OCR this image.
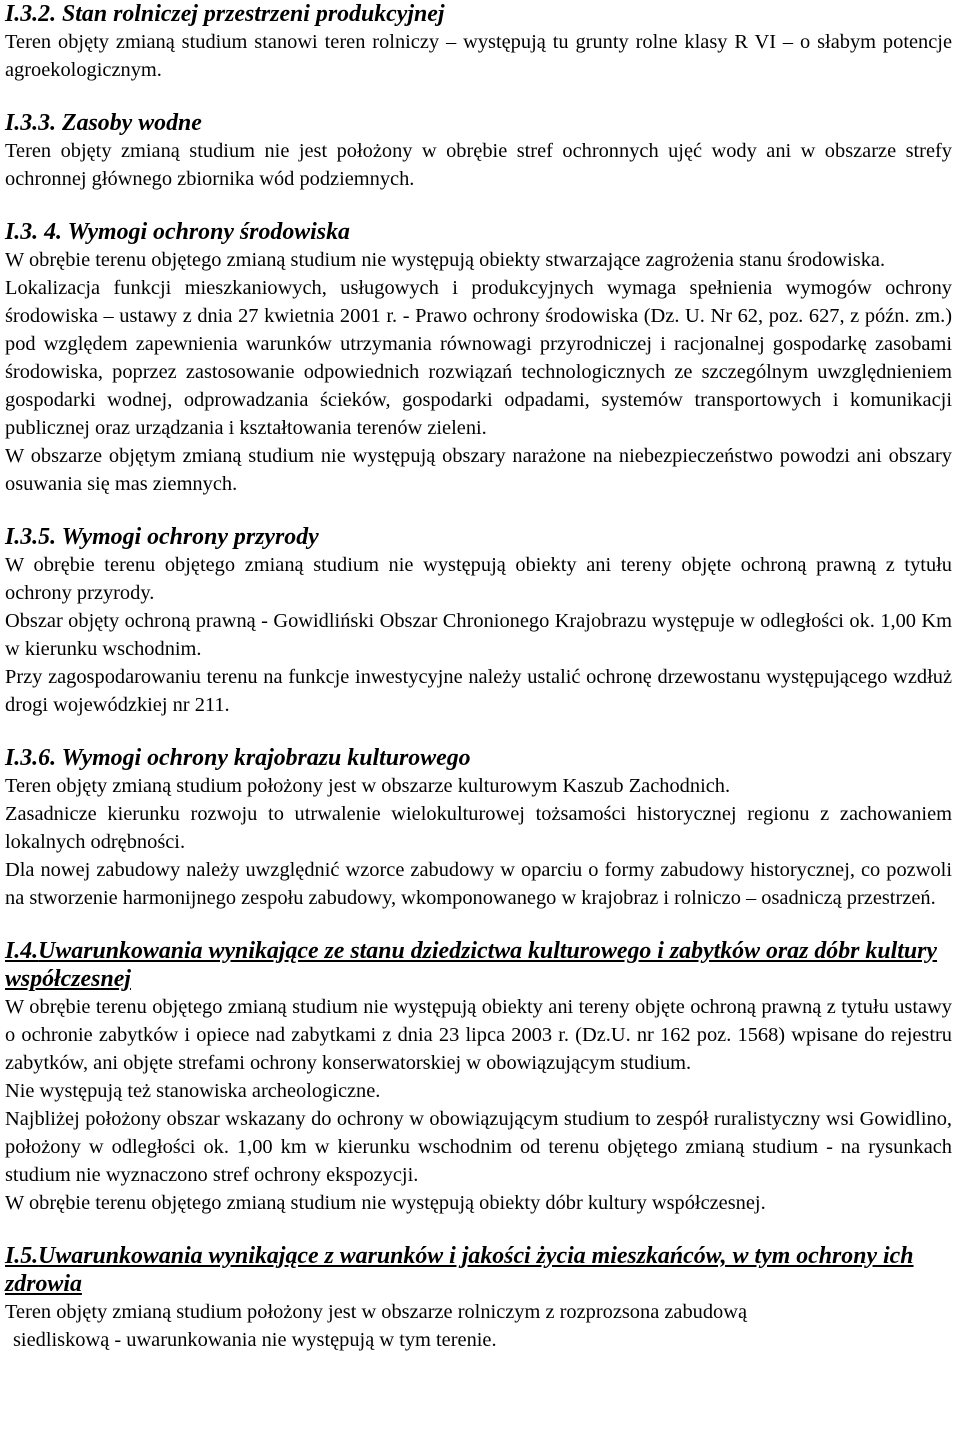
I.3.2. Stan rolniczej przestrzeni produkcyjnej

Teren objęty zmianą studium stanowi teren rolniczy – występują tu grunty rolne klasy R VI – o słabym potencje agroekologicznym.

I.3.3. Zasoby wodne

Teren objęty zmianą studium nie jest położony w obrębie stref ochronnych ujęć wody ani w obszarze strefy ochronnej głównego zbiornika wód podziemnych.

I.3. 4. Wymogi ochrony środowiska

W obrębie terenu objętego zmianą studium nie występują obiekty stwarzające zagrożenia stanu środowiska.

Lokalizacja funkcji mieszkaniowych, usługowych i produkcyjnych wymaga spełnienia wymogów ochrony środowiska – ustawy z dnia 27 kwietnia 2001 r. - Prawo ochrony środowiska (Dz. U. Nr 62, poz. 627, z późn. zm.) pod względem zapewnienia warunków utrzymania równowagi przyrodniczej i racjonalnej gospodarkę zasobami środowiska, poprzez zastosowanie odpowiednich rozwiązań technologicznych ze szczególnym uwzględnieniem gospodarki wodnej, odprowadzania ścieków, gospodarki odpadami, systemów transportowych i komunikacji publicznej oraz urządzania i kształtowania terenów zieleni.

W obszarze objętym zmianą studium nie występują obszary narażone na niebezpieczeństwo powodzi ani obszary osuwania się mas ziemnych.

I.3.5. Wymogi ochrony przyrody

W obrębie terenu objętego zmianą studium nie występują obiekty ani tereny objęte ochroną prawną z tytułu ochrony przyrody.

Obszar objęty ochroną prawną - Gowidliński Obszar Chronionego Krajobrazu występuje w odległości ok. 1,00 Km w kierunku wschodnim.

Przy zagospodarowaniu terenu na funkcje inwestycyjne należy ustalić ochronę drzewostanu występującego wzdłuż drogi wojewódzkiej nr 211.

I.3.6. Wymogi ochrony krajobrazu kulturowego

Teren objęty zmianą studium położony jest w obszarze kulturowym Kaszub Zachodnich.

Zasadnicze kierunku rozwoju to utrwalenie wielokulturowej tożsamości historycznej regionu z zachowaniem lokalnych odrębności.

Dla nowej zabudowy należy uwzględnić wzorce zabudowy w oparciu o formy zabudowy historycznej, co pozwoli na stworzenie harmonijnego zespołu zabudowy, wkomponowanego w krajobraz i rolniczo – osadniczą przestrzeń.

I.4.Uwarunkowania wynikające ze stanu dziedzictwa kulturowego i zabytków oraz dóbr kultury współczesnej

W obrębie terenu objętego zmianą studium nie występują obiekty ani tereny objęte ochroną prawną z tytułu ustawy o ochronie zabytków i opiece nad zabytkami z dnia 23 lipca 2003 r. (Dz.U. nr 162 poz. 1568) wpisane do rejestru zabytków, ani objęte strefami ochrony konserwatorskiej w obowiązującym studium.

Nie występują też stanowiska archeologiczne.

Najbliżej położony obszar wskazany do ochrony w obowiązującym studium to zespół ruralistyczny wsi Gowidlino, położony w odległości ok. 1,00 km w kierunku wschodnim od terenu objętego zmianą studium - na rysunkach studium nie wyznaczono stref ochrony ekspozycji.

W obrębie terenu objętego zmianą studium nie występują obiekty dóbr kultury współczesnej.

I.5.Uwarunkowania wynikające z warunków i jakości życia mieszkańców, w tym ochrony ich zdrowia

Teren objęty zmianą studium położony jest w obszarze rolniczym z rozprozsona zabudową

siedliskową - uwarunkowania nie występują w tym terenie.
